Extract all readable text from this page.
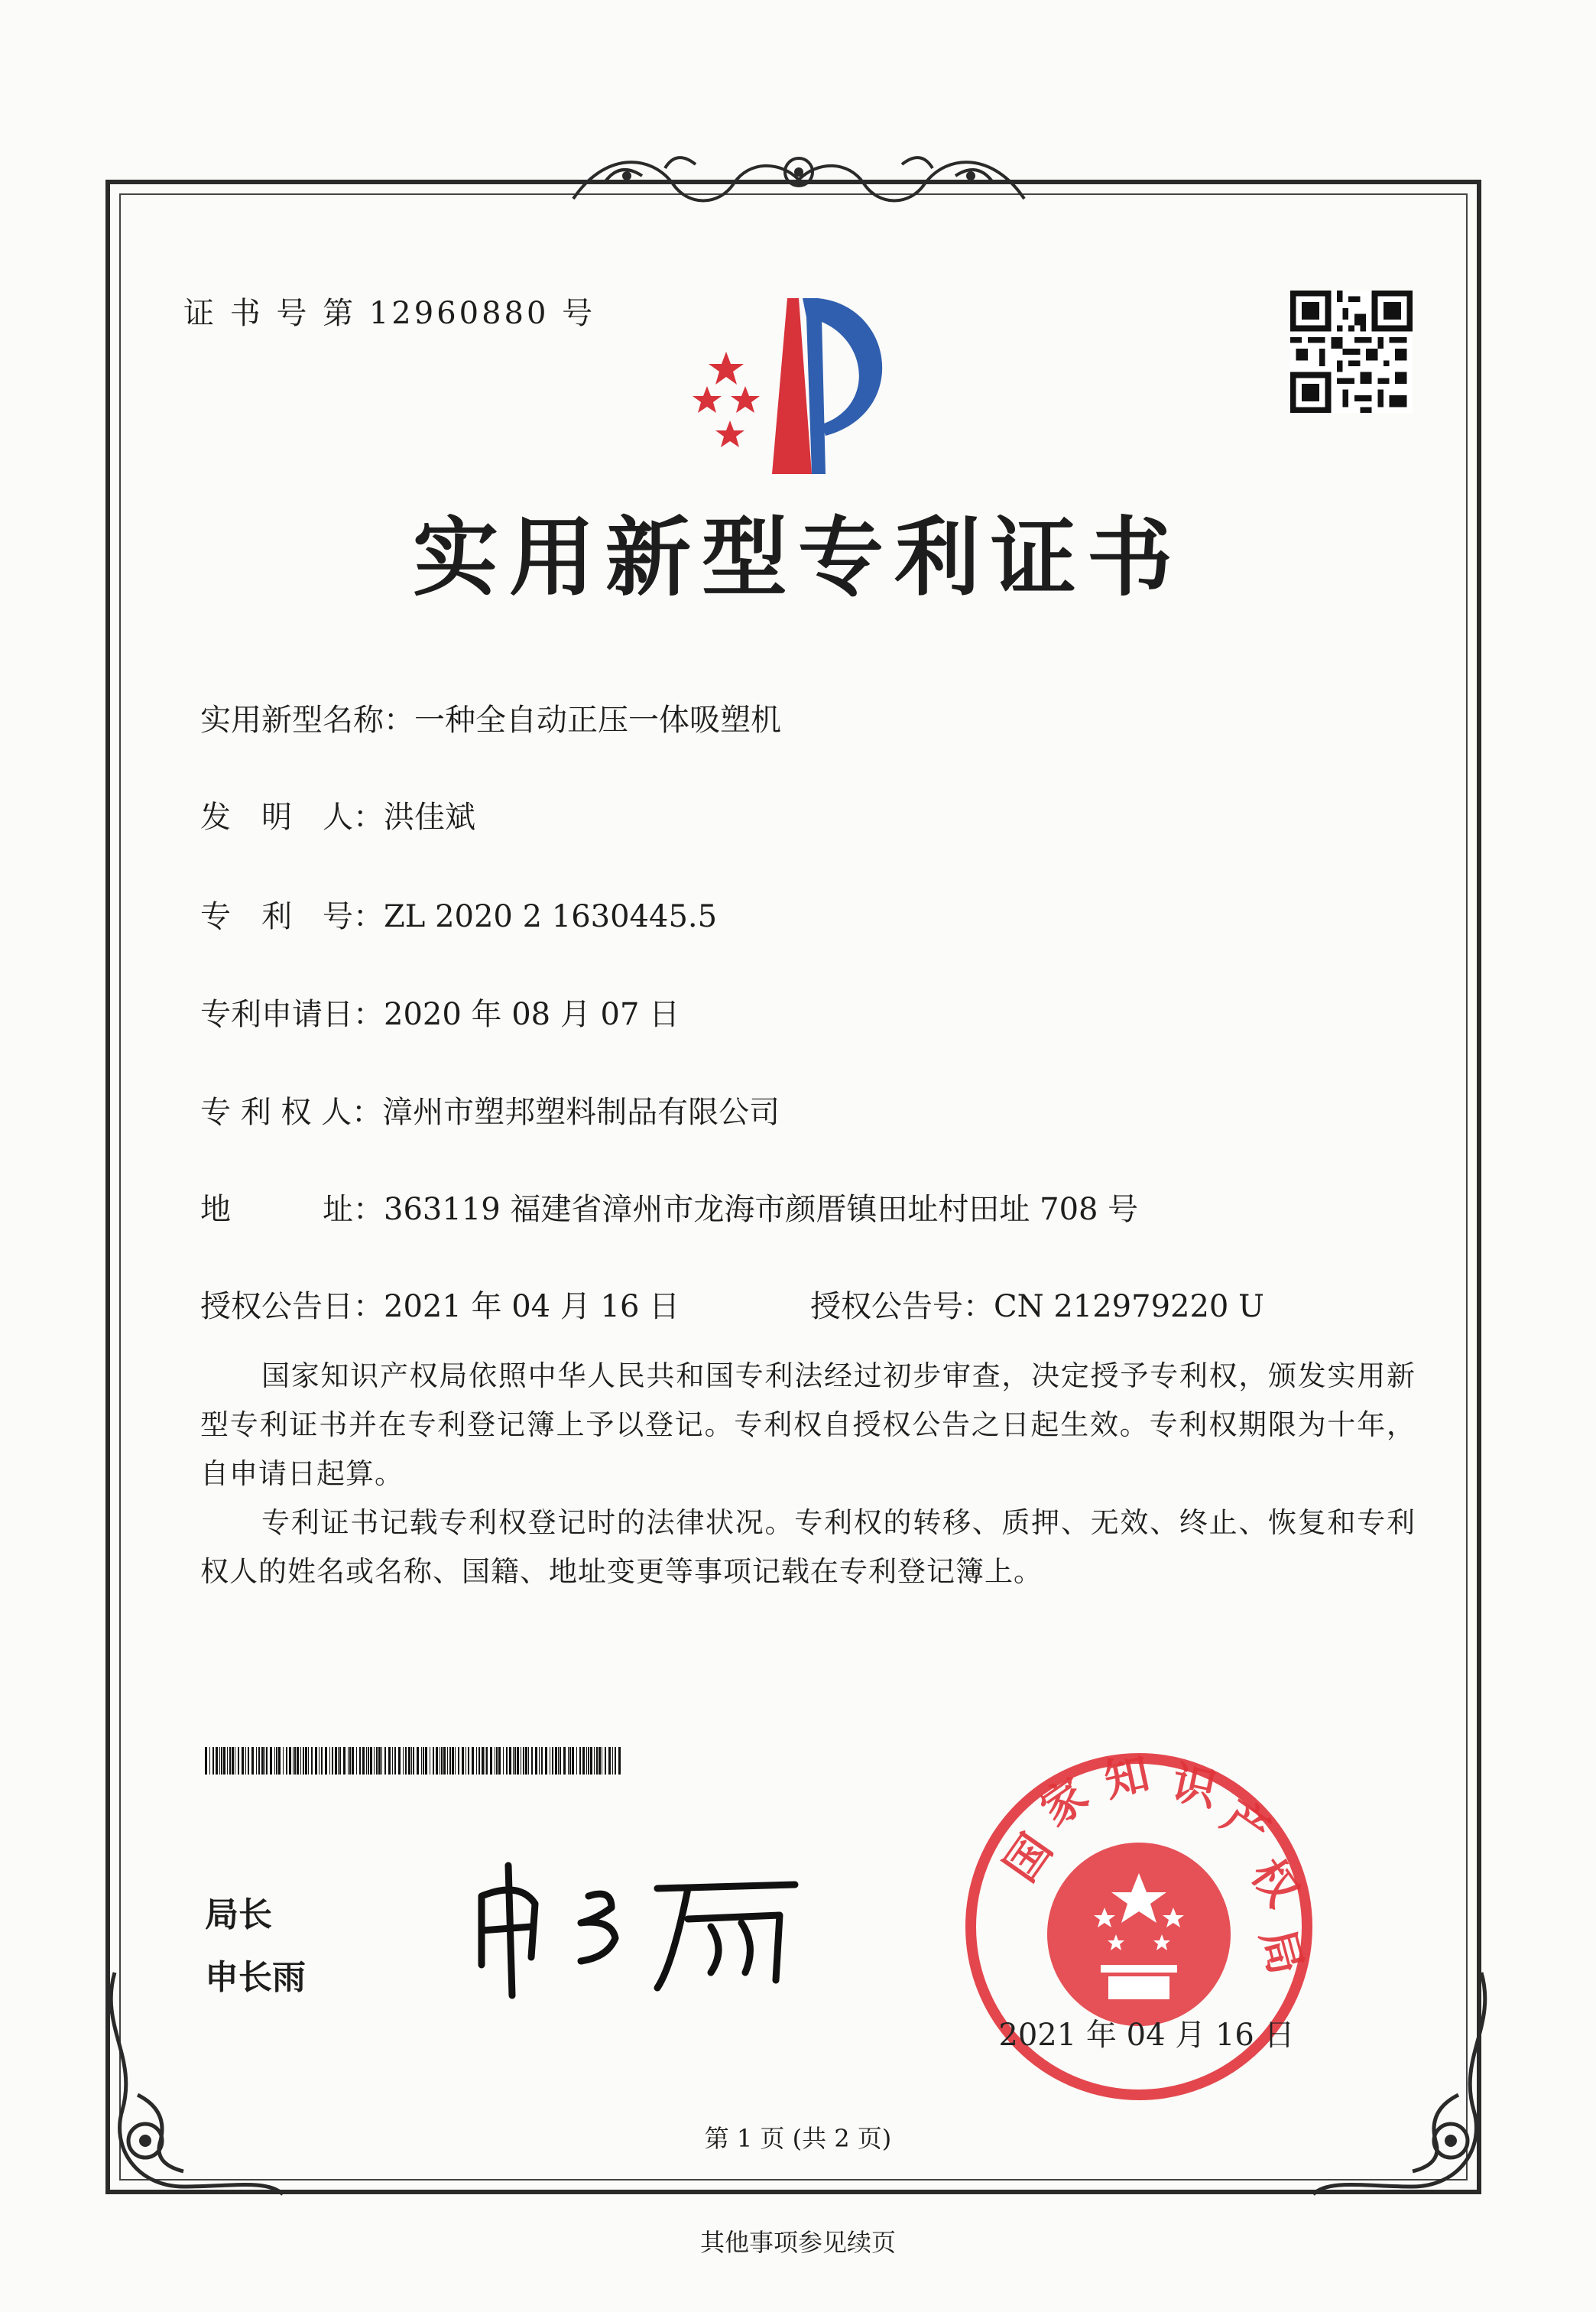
证 书 号 第 12960880 号
实用新型专利证书
实用新型名称：一种全自动正压一体吸塑机
发　明　人：洪佳斌
专　利　号：ZL 2020 2 1630445.5
专利申请日：2020 年 08 月 07 日
专 利 权 人：漳州市塑邦塑料制品有限公司
地　　　址：363119 福建省漳州市龙海市颜厝镇田址村田址 708 号
授权公告日：2021 年 04 月 16 日	授权公告号：CN 212979220 U
国家知识产权局依照中华人民共和国专利法经过初步审查，决定授予专利权，颁发实用新型专利证书并在专利登记簿上予以登记。专利权自授权公告之日起生效。专利权期限为十年，自申请日起算。
专利证书记载专利权登记时的法律状况。专利权的转移、质押、无效、终止、恢复和专利权人的姓名或名称、国籍、地址变更等事项记载在专利登记簿上。
局长
申长雨
国
家 知 识
产
权
局
2021 年 04 月 16 日
第 1 页 (共 2 页)
其他事项参见续页
